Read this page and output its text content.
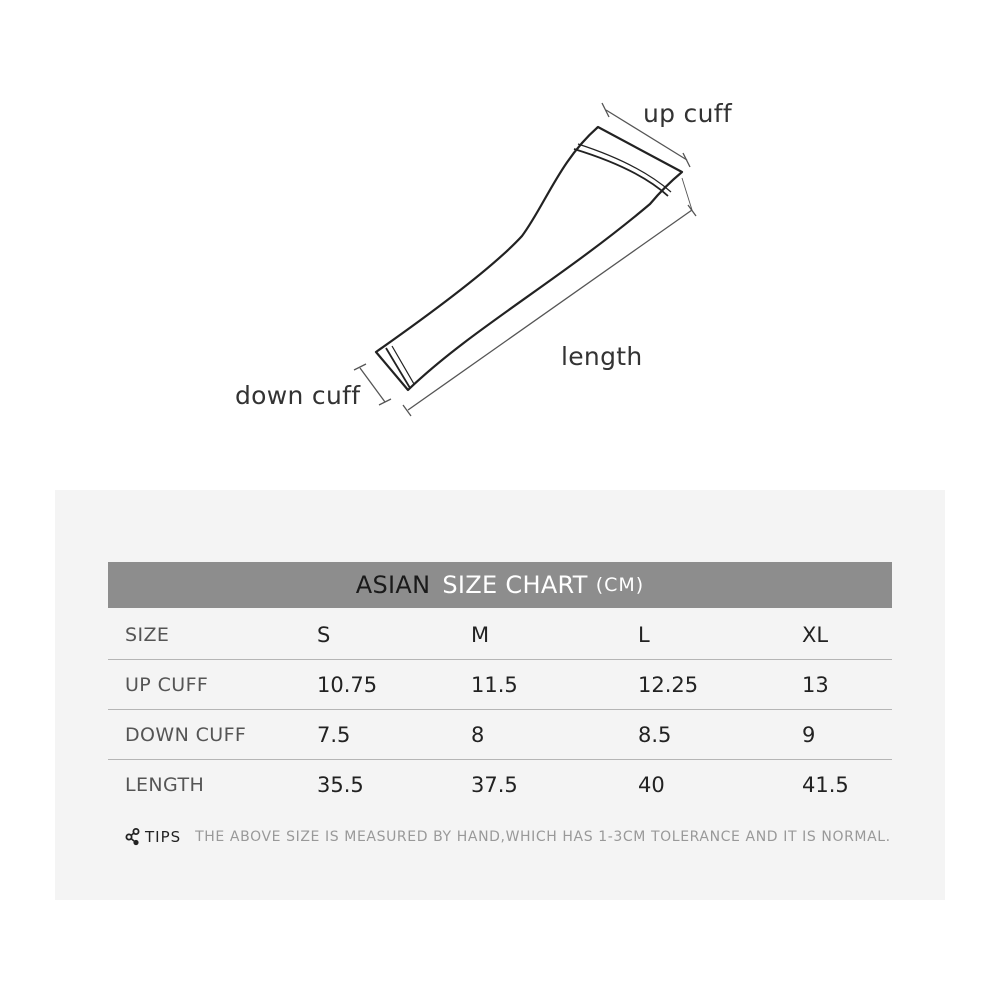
up cuff
length
down cuff
ASIAN SIZE CHART (CM)
SIZE	S	M	L	XL
UP CUFF	10.75	11.5	12.25	13
DOWN CUFF	7.5	8	8.5	9
LENGTH	35.5	37.5	40	41.5
TIPS THE ABOVE SIZE IS MEASURED BY HAND,WHICH HAS 1-3CM TOLERANCE AND IT IS NORMAL.
